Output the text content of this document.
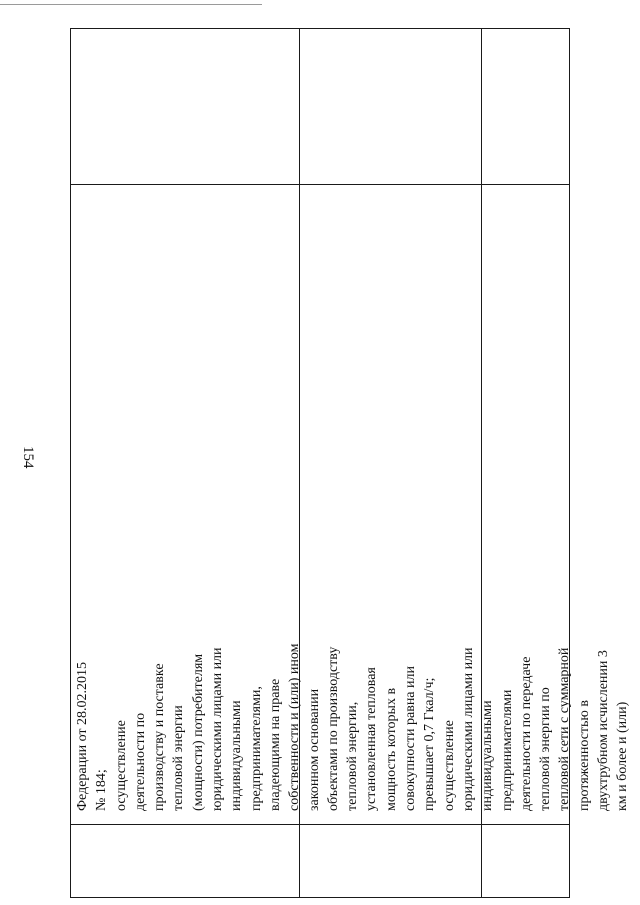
154
Федерации от 28.02.2015 № 184; осуществление деятельности по производству и поставке тепловой энергии (мощности) потребителям юридическими лицами или индивидуальными предпринимателями, владеющими на праве собственности и (или) ином законном основании объектами по производству тепловой энергии, установленная тепловая мощность которых в совокупности равна или превышает 0,7 Гкал/ч; осуществление юридическими лицами или индивидуальными предпринимателями деятельности по передаче тепловой энергии по тепловой сети с суммарной протяженностью в двухтрубном исчислении 3 км и более и (или)
